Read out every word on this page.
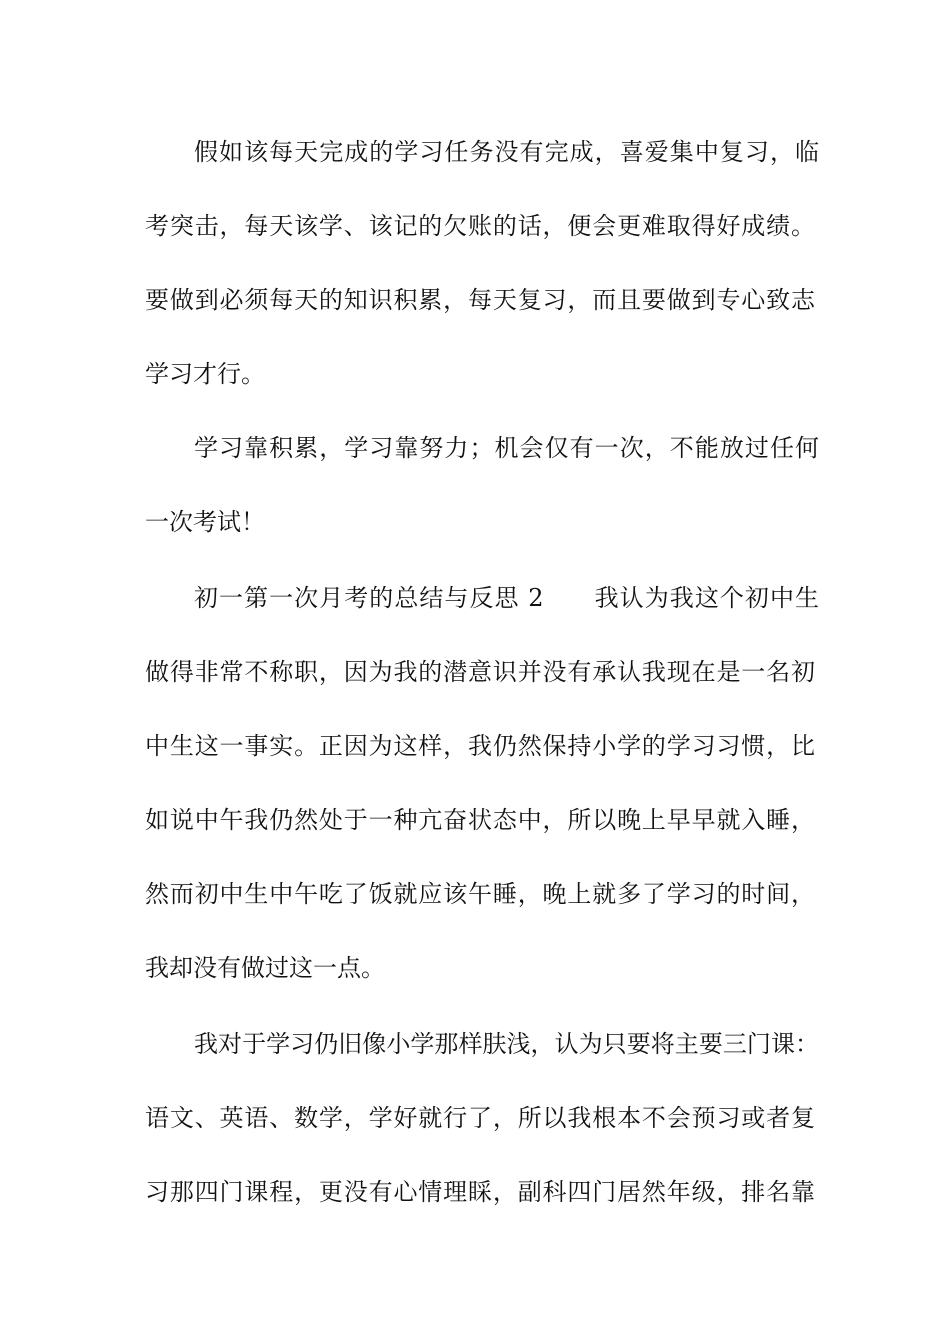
假如该每天完成的学习任务没有完成，喜爱集中复习，临
考突击，每天该学、该记的欠账的话，便会更难取得好成绩。
要做到必须每天的知识积累，每天复习，而且要做到专心致志
学习才行。
学习靠积累，学习靠努力；机会仅有一次，不能放过任何
一次考试！
初一第一次月考的总结与反思 2　　我认为我这个初中生
做得非常不称职，因为我的潜意识并没有承认我现在是一名初
中生这一事实。正因为这样，我仍然保持小学的学习习惯，比
如说中午我仍然处于一种亢奋状态中，所以晚上早早就入睡，
然而初中生中午吃了饭就应该午睡，晚上就多了学习的时间，
我却没有做过这一点。
我对于学习仍旧像小学那样肤浅，认为只要将主要三门课：
语文、英语、数学，学好就行了，所以我根本不会预习或者复
习那四门课程，更没有心情理睬，副科四门居然年级，排名靠
